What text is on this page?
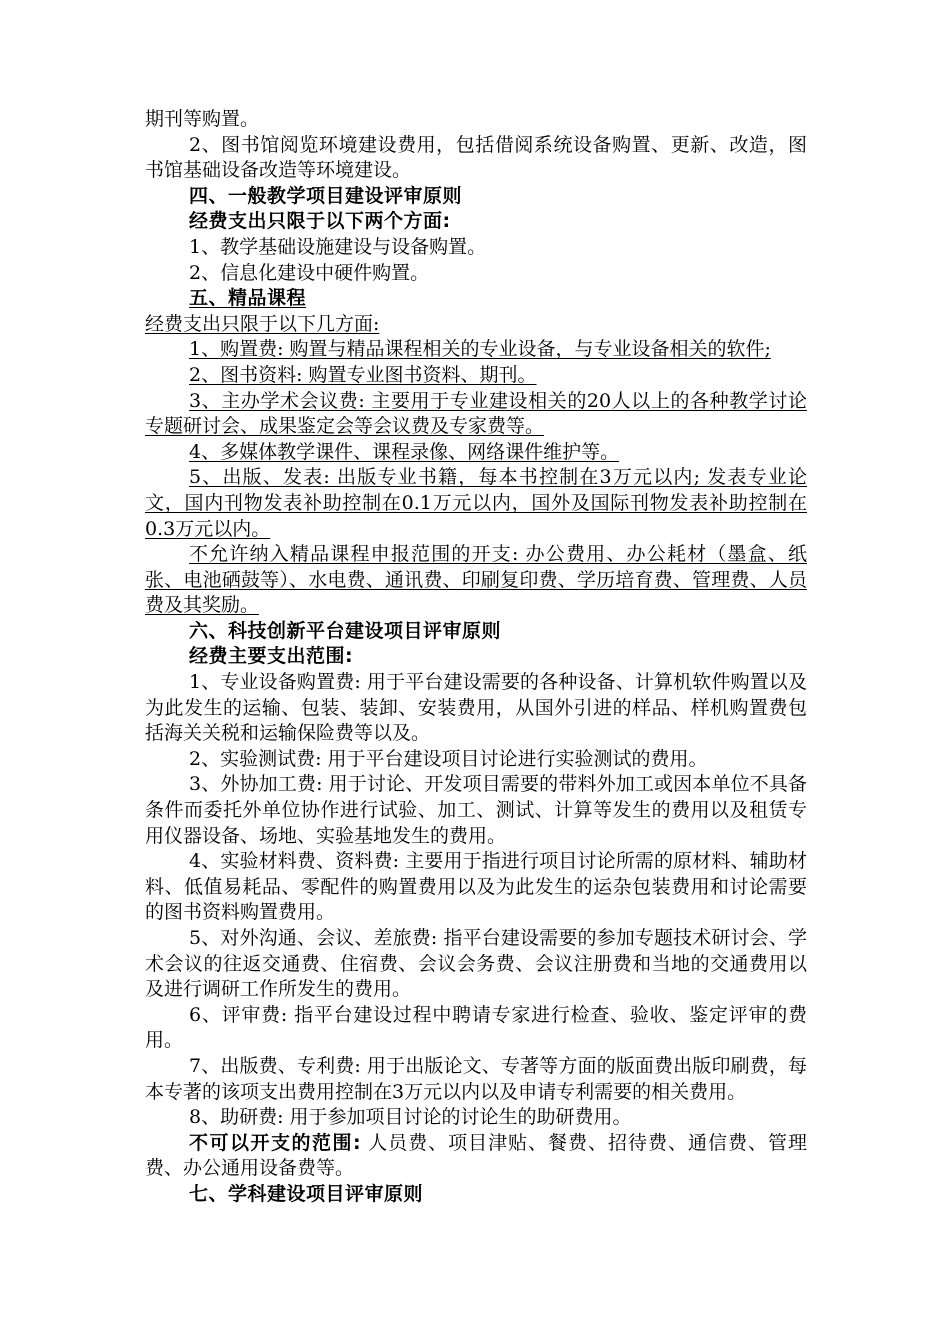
期刊等购置。

2、图书馆阅览环境建设费用，包括借阅系统设备购置、更新、改造，图书馆基础设备改造等环境建设。

四、一般教学项目建设评审原则

经费支出只限于以下两个方面:

1、教学基础设施建设与设备购置。

2、信息化建设中硬件购置。

五、精品课程

经费支出只限于以下几方面:

1、购置费: 购置与精品课程相关的专业设备，与专业设备相关的软件;

2、图书资料: 购置专业图书资料、期刊。

3、主办学术会议费: 主要用于专业建设相关的20人以上的各种教学讨论专题研讨会、成果鉴定会等会议费及专家费等。

4、多媒体教学课件、课程录像、网络课件维护等。

5、出版、发表: 出版专业书籍，每本书控制在3万元以内; 发表专业论文，国内刊物发表补助控制在0.1万元以内，国外及国际刊物发表补助控制在0.3万元以内。

不允许纳入精品课程申报范围的开支: 办公费用、办公耗材（墨盒、纸张、电池硒鼓等）、水电费、通讯费、印刷复印费、学历培育费、管理费、人员费及其奖励。

六、科技创新平台建设项目评审原则

经费主要支出范围:

1、专业设备购置费: 用于平台建设需要的各种设备、计算机软件购置以及为此发生的运输、包装、装卸、安装费用，从国外引进的样品、样机购置费包括海关关税和运输保险费等以及。

2、实验测试费: 用于平台建设项目讨论进行实验测试的费用。

3、外协加工费: 用于讨论、开发项目需要的带料外加工或因本单位不具备条件而委托外单位协作进行试验、加工、测试、计算等发生的费用以及租赁专用仪器设备、场地、实验基地发生的费用。

4、实验材料费、资料费: 主要用于指进行项目讨论所需的原材料、辅助材料、低值易耗品、零配件的购置费用以及为此发生的运杂包装费用和讨论需要的图书资料购置费用。

5、对外沟通、会议、差旅费: 指平台建设需要的参加专题技术研讨会、学术会议的往返交通费、住宿费、会议会务费、会议注册费和当地的交通费用以及进行调研工作所发生的费用。

6、评审费: 指平台建设过程中聘请专家进行检查、验收、鉴定评审的费用。

7、出版费、专利费: 用于出版论文、专著等方面的版面费出版印刷费，每本专著的该项支出费用控制在3万元以内以及申请专利需要的相关费用。

8、助研费: 用于参加项目讨论的讨论生的助研费用。

不可以开支的范围: 人员费、项目津贴、餐费、招待费、通信费、管理费、办公通用设备费等。

七、学科建设项目评审原则
